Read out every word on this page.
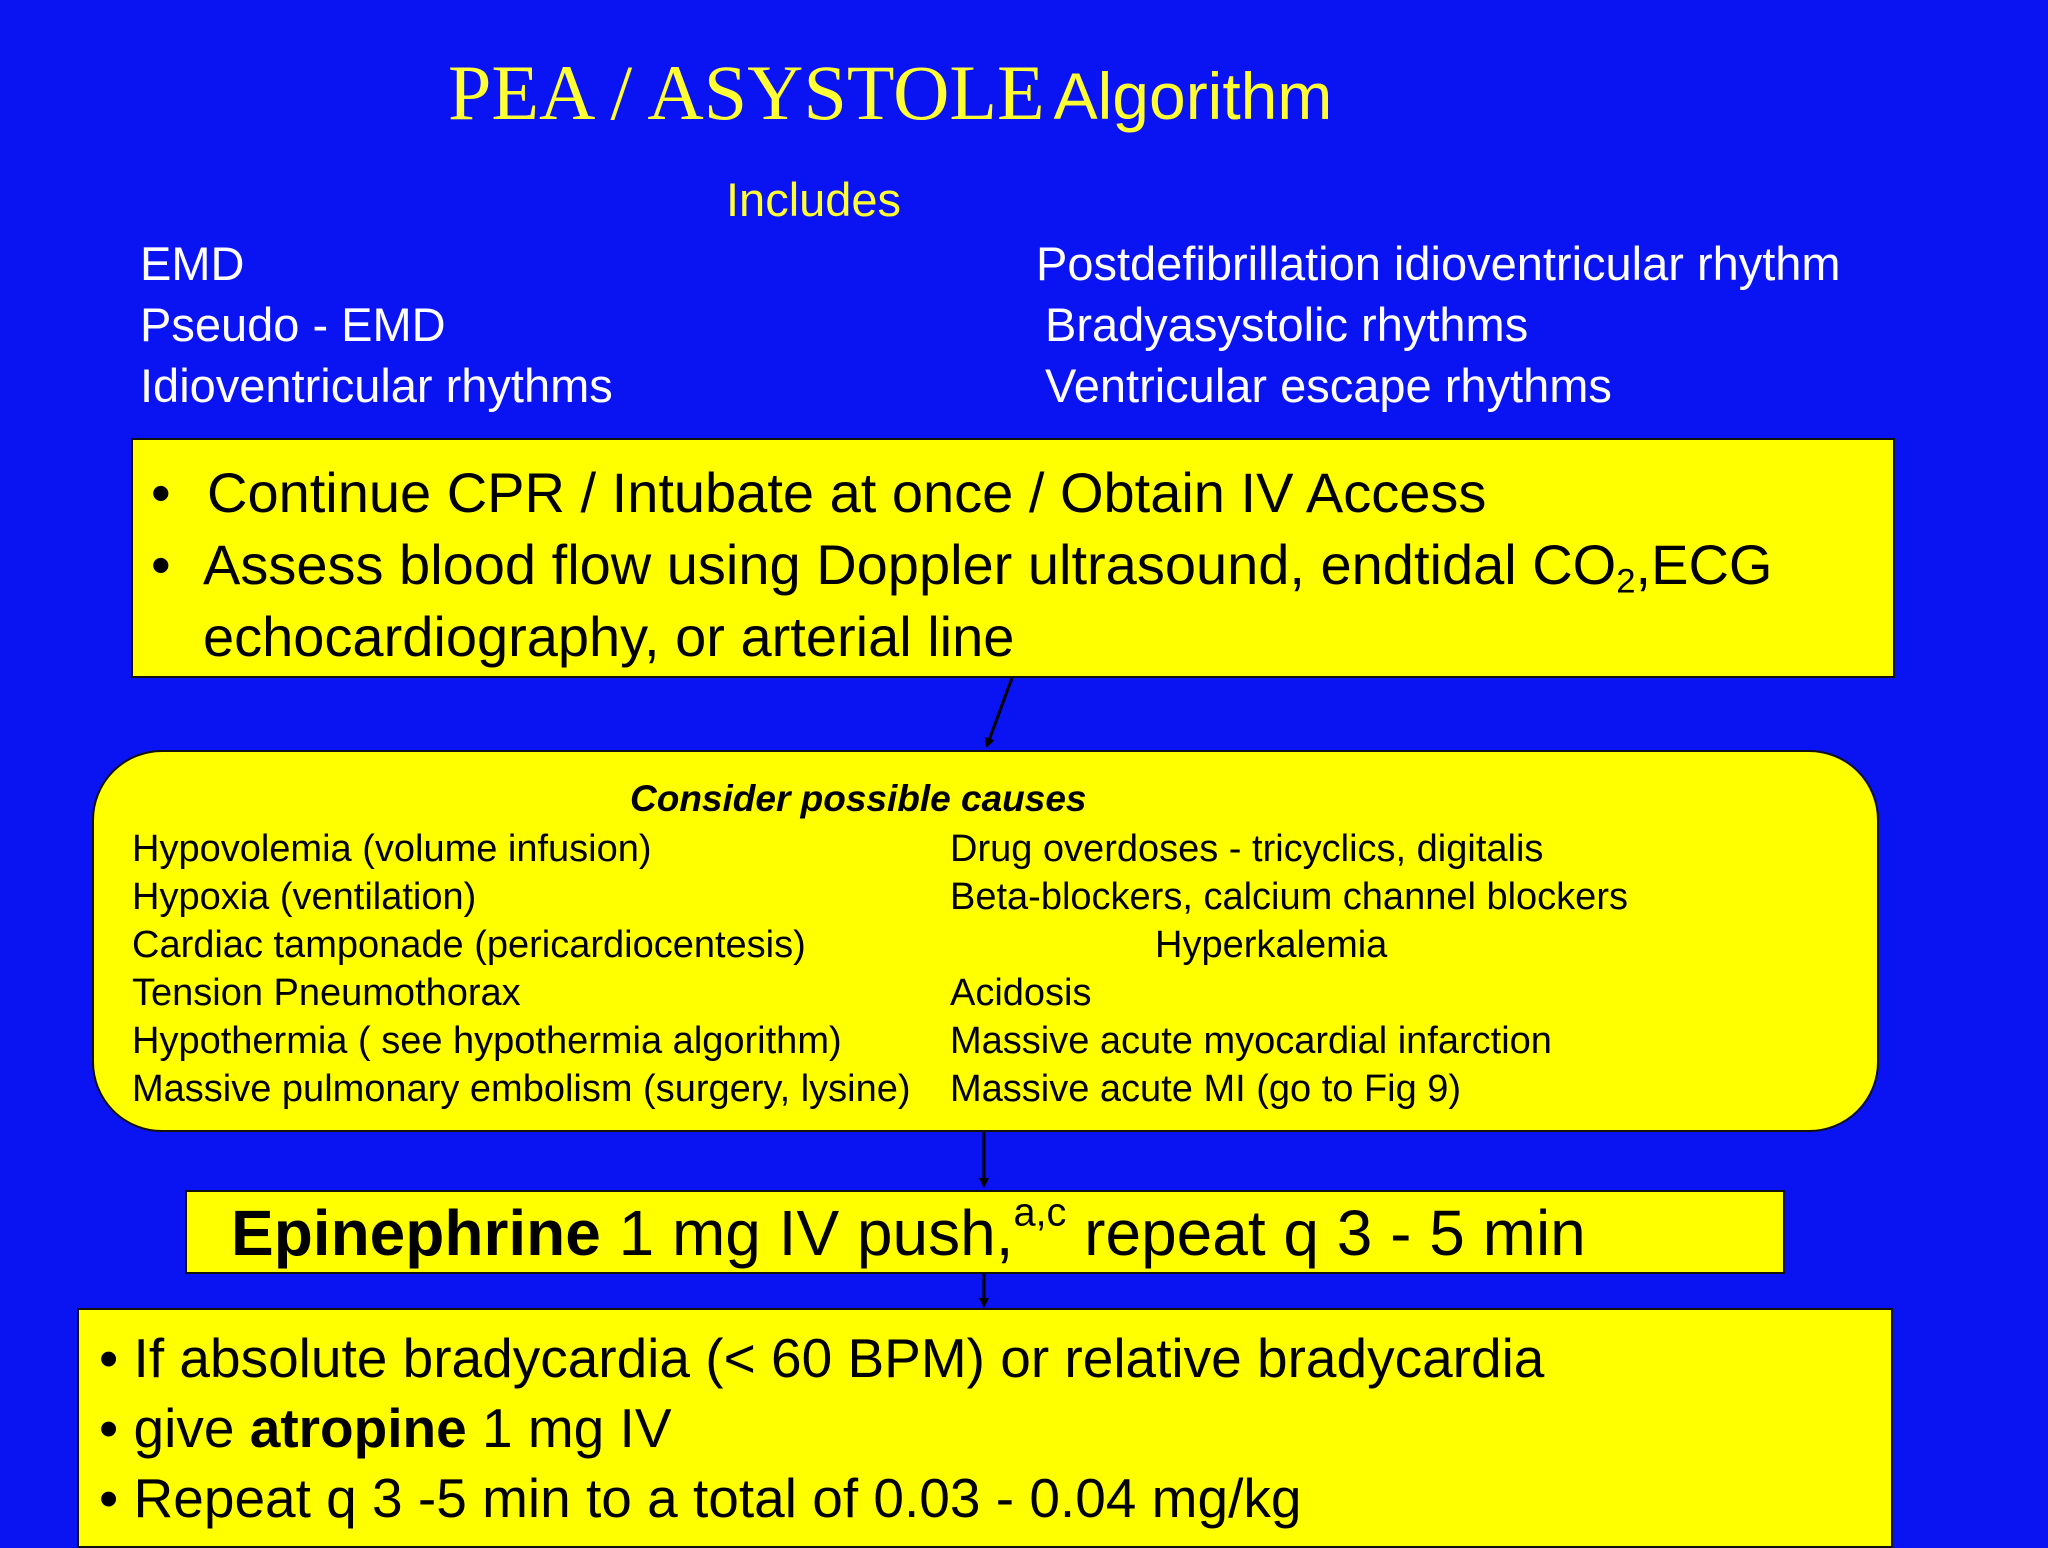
PEA / ASYSTOLE Algorithm
Includes
EMD
Pseudo - EMD
Idioventricular rhythms
Postdefibrillation idioventricular rhythm
Bradyasystolic rhythms
Ventricular escape rhythms
• Continue CPR / Intubate at once / Obtain IV Access
• Assess blood flow using Doppler ultrasound, endtidal $CO_2,ECG$
echocardiography, or arterial line
Consider possible causes
Hypovolemia (volume infusion)
Hypoxia (ventilation)
Cardiac tamponade (pericardiocentesis)
Tension Pneumothorax
Hypothermia ( see hypothermia algorithm)
Massive pulmonary embolism (surgery, lysine)
Drug overdoses - tricyclics, digitalis
Beta-blockers, calcium channel blockers
Hyperkalemia
Acidosis
Massive acute myocardial infarction
Massive acute MI (go to Fig 9)
Epinephrine 1 mg IV push,$^{a,c}$ repeat q 3 - 5 min
• If absolute bradycardia (< 60 BPM) or relative bradycardia
• give atropine 1 mg IV
• Repeat q 3 -5 min to a total of 0.03 - 0.04 mg/kg
